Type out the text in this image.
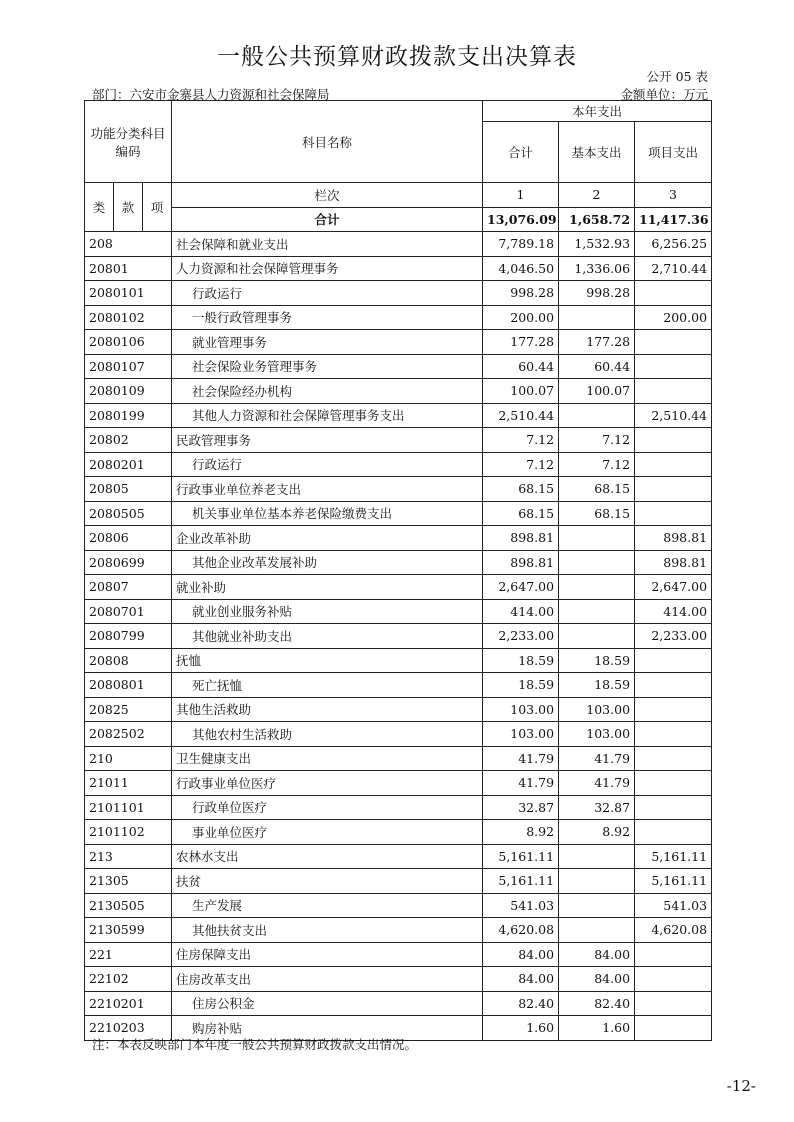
一般公共预算财政拨款支出决算表
公开 05 表
部门：六安市金寨县人力资源和社会保障局	金额单位：万元
功能分类科目编码			科目名称	本年支出		
				合计	基本支出	项目支出
类	款	项	栏次	1	2	3
			合计	13,076.09	1,658.72	11,417.36
208			社会保障和就业支出	7,789.18	1,532.93	6,256.25
20801			人力资源和社会保障管理事务	4,046.50	1,336.06	2,710.44
2080101			行政运行	998.28	998.28	
2080102			一般行政管理事务	200.00		200.00
2080106			就业管理事务	177.28	177.28	
2080107			社会保险业务管理事务	60.44	60.44	
2080109			社会保险经办机构	100.07	100.07	
2080199			其他人力资源和社会保障管理事务支出	2,510.44		2,510.44
20802			民政管理事务	7.12	7.12	
2080201			行政运行	7.12	7.12	
20805			行政事业单位养老支出	68.15	68.15	
2080505			机关事业单位基本养老保险缴费支出	68.15	68.15	
20806			企业改革补助	898.81		898.81
2080699			其他企业改革发展补助	898.81		898.81
20807			就业补助	2,647.00		2,647.00
2080701			就业创业服务补贴	414.00		414.00
2080799			其他就业补助支出	2,233.00		2,233.00
20808			抚恤	18.59	18.59	
2080801			死亡抚恤	18.59	18.59	
20825			其他生活救助	103.00	103.00	
2082502			其他农村生活救助	103.00	103.00	
210			卫生健康支出	41.79	41.79	
21011			行政事业单位医疗	41.79	41.79	
2101101			行政单位医疗	32.87	32.87	
2101102			事业单位医疗	8.92	8.92	
213			农林水支出	5,161.11		5,161.11
21305			扶贫	5,161.11		5,161.11
2130505			生产发展	541.03		541.03
2130599			其他扶贫支出	4,620.08		4,620.08
221			住房保障支出	84.00	84.00	
22102			住房改革支出	84.00	84.00	
2210201			住房公积金	82.40	82.40	
2210203			购房补贴	1.60	1.60	
注：本表反映部门本年度一般公共预算财政拨款支出情况。
-12-
